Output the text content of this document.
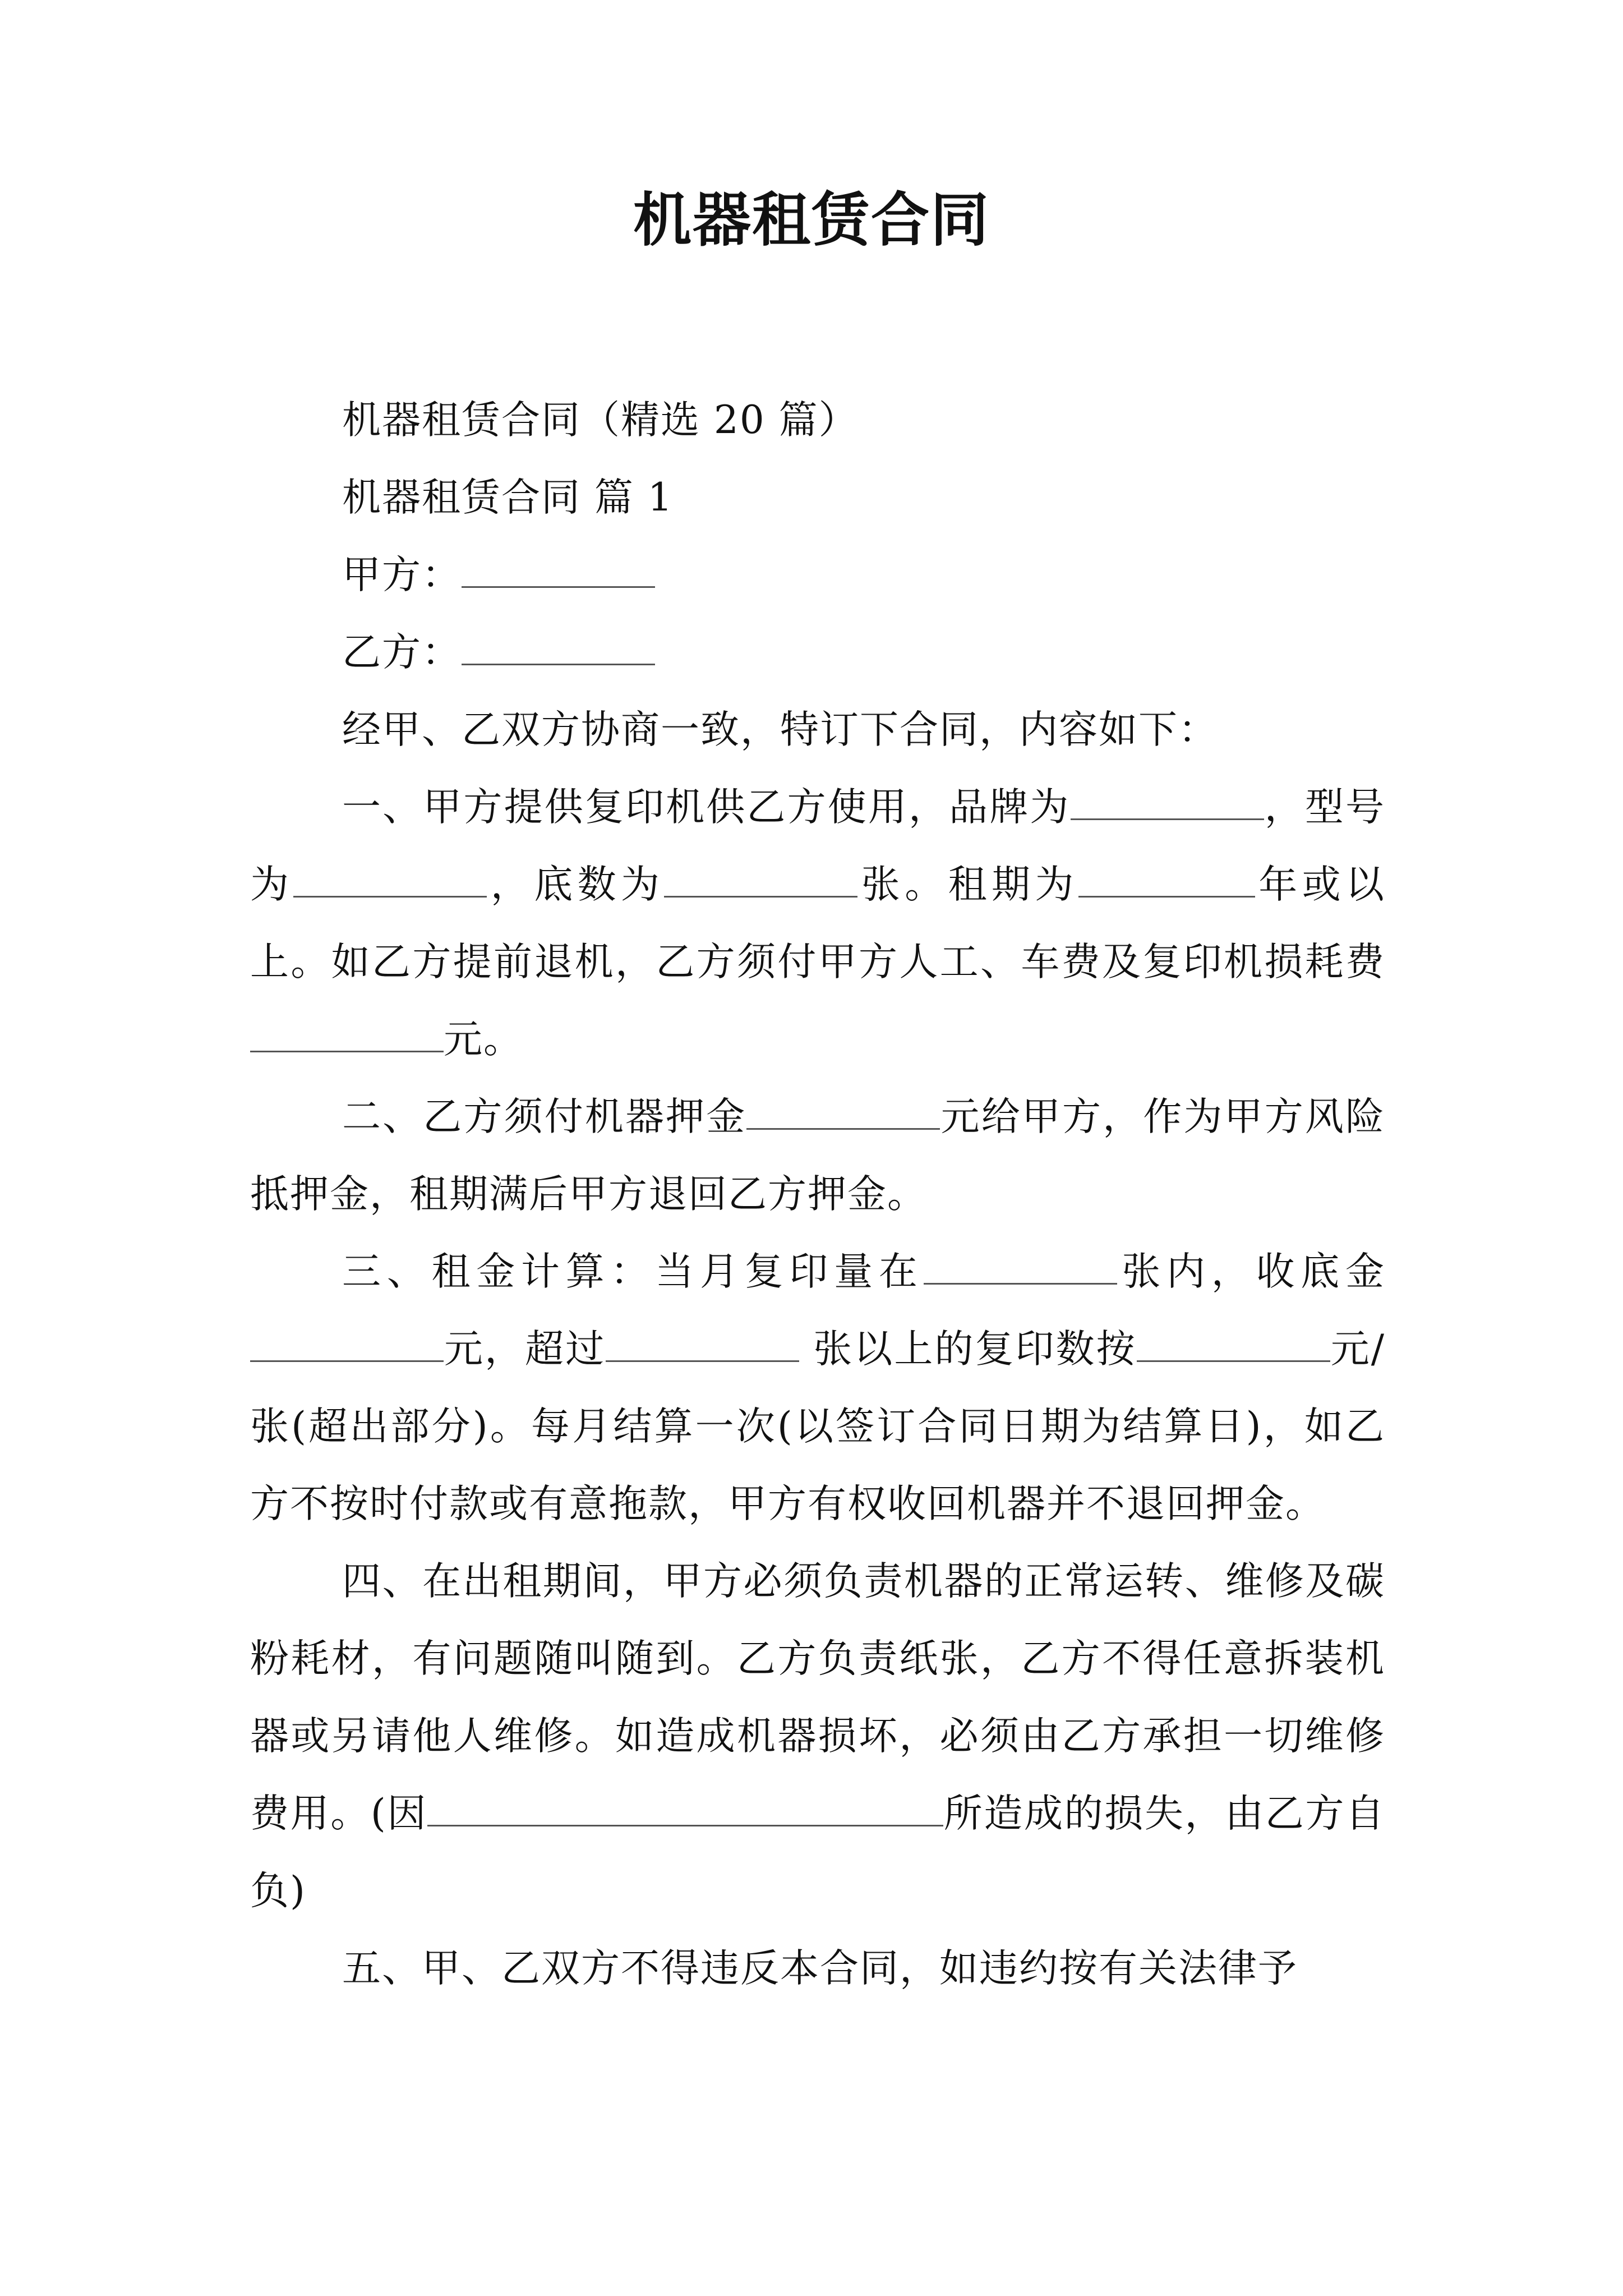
机器租赁合同

机器租赁合同（精选 20 篇）

机器租赁合同 篇 1

甲方：

乙方：

经甲、乙双方协商一致，特订下合同，内容如下：

一、甲方提供复印机供乙方使用，品牌为	，型号为	，底数为	张。租期为	年或以上。如乙方提前退机，乙方须付甲方人工、车费及复印机损耗费元。

二、乙方须付机器押金	元给甲方，作为甲方风险抵押金，租期满后甲方退回乙方押金。

三、租金计算：当月复印量在	张内，收底金元，超过	张以上的复印数按	元/张(超出部分)。每月结算一次(以签订合同日期为结算日)，如乙方不按时付款或有意拖款，甲方有权收回机器并不退回押金。

四、在出租期间，甲方必须负责机器的正常运转、维修及碳粉耗材，有问题随叫随到。乙方负责纸张，乙方不得任意拆装机器或另请他人维修。如造成机器损坏，必须由乙方承担一切维修费用。(因	所造成的损失，由乙方自负)

五、甲、乙双方不得违反本合同，如违约按有关法律予
